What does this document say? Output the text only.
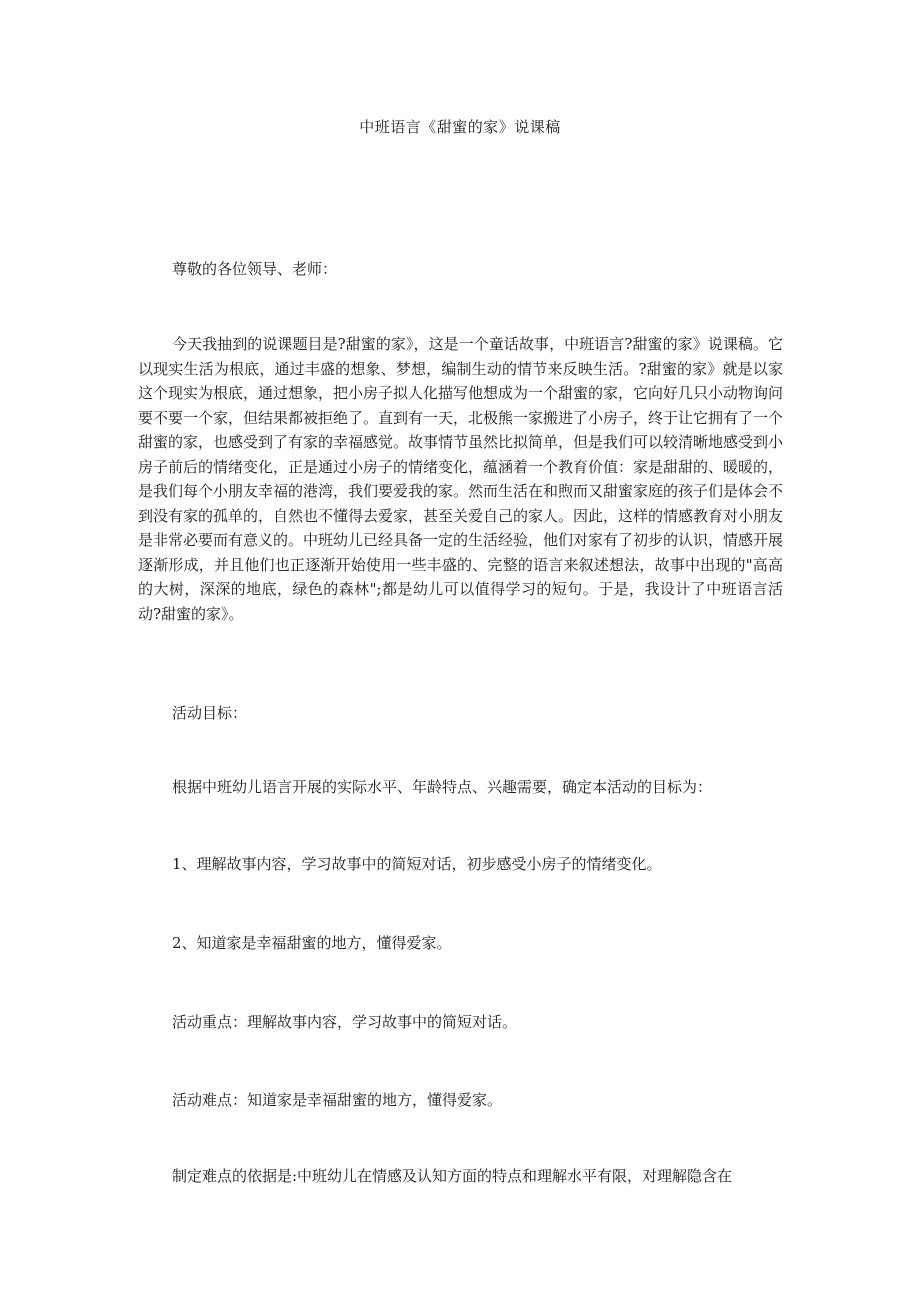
中班语言《甜蜜的家》说课稿

尊敬的各位领导、老师：

今天我抽到的说课题目是?甜蜜的家》，这是一个童话故事，中班语言?甜蜜的家》说课稿。它以现实生活为根底，通过丰盛的想象、梦想，编制生动的情节来反映生活。?甜蜜的家》就是以家这个现实为根底，通过想象，把小房子拟人化描写他想成为一个甜蜜的家，它向好几只小动物询问要不要一个家，但结果都被拒绝了。直到有一天，北极熊一家搬进了小房子，终于让它拥有了一个甜蜜的家，也感受到了有家的幸福感觉。故事情节虽然比拟简单，但是我们可以较清晰地感受到小房子前后的情绪变化，正是通过小房子的情绪变化，蕴涵着一个教育价值：家是甜甜的、暖暖的，是我们每个小朋友幸福的港湾，我们要爱我的家。然而生活在和煦而又甜蜜家庭的孩子们是体会不到没有家的孤单的，自然也不懂得去爱家，甚至关爱自己的家人。因此，这样的情感教育对小朋友是非常必要而有意义的。中班幼儿已经具备一定的生活经验，他们对家有了初步的认识，情感开展逐渐形成，并且他们也正逐渐开始使用一些丰盛的、完整的语言来叙述想法，故事中出现的"高高的大树，深深的地底，绿色的森林";都是幼儿可以值得学习的短句。于是，我设计了中班语言活动?甜蜜的家》。

活动目标：

根据中班幼儿语言开展的实际水平、年龄特点、兴趣需要，确定本活动的目标为：

1、理解故事内容，学习故事中的简短对话，初步感受小房子的情绪变化。

2、知道家是幸福甜蜜的地方，懂得爱家。

活动重点：理解故事内容，学习故事中的简短对话。

活动难点：知道家是幸福甜蜜的地方，懂得爱家。

制定难点的依据是:中班幼儿在情感及认知方面的特点和理解水平有限，对理解隐含在
